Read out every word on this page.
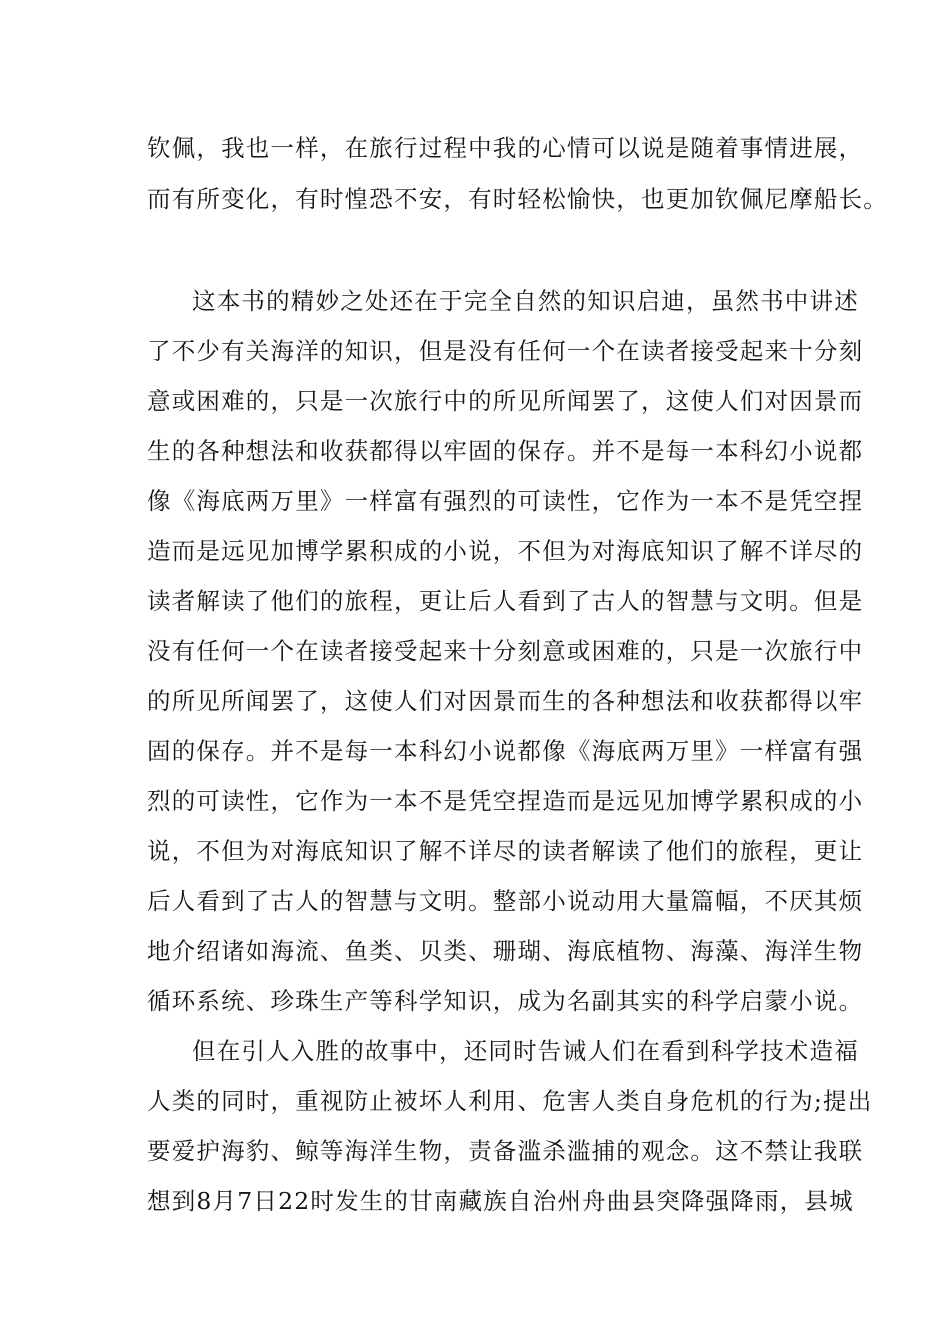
钦佩，我也一样，在旅行过程中我的心情可以说是随着事情进展，
而有所变化，有时惶恐不安，有时轻松愉快，也更加钦佩尼摩船长。
这本书的精妙之处还在于完全自然的知识启迪，虽然书中讲述
了不少有关海洋的知识，但是没有任何一个在读者接受起来十分刻
意或困难的，只是一次旅行中的所见所闻罢了，这使人们对因景而
生的各种想法和收获都得以牢固的保存。并不是每一本科幻小说都
像《海底两万里》一样富有强烈的可读性，它作为一本不是凭空捏
造而是远见加博学累积成的小说，不但为对海底知识了解不详尽的
读者解读了他们的旅程，更让后人看到了古人的智慧与文明。但是
没有任何一个在读者接受起来十分刻意或困难的，只是一次旅行中
的所见所闻罢了，这使人们对因景而生的各种想法和收获都得以牢
固的保存。并不是每一本科幻小说都像《海底两万里》一样富有强
烈的可读性，它作为一本不是凭空捏造而是远见加博学累积成的小
说，不但为对海底知识了解不详尽的读者解读了他们的旅程，更让
后人看到了古人的智慧与文明。整部小说动用大量篇幅，不厌其烦
地介绍诸如海流、鱼类、贝类、珊瑚、海底植物、海藻、海洋生物
循环系统、珍珠生产等科学知识，成为名副其实的科学启蒙小说。
但在引人入胜的故事中，还同时告诫人们在看到科学技术造福
人类的同时，重视防止被坏人利用、危害人类自身危机的行为;提出
要爱护海豹、鲸等海洋生物，责备滥杀滥捕的观念。这不禁让我联
想到8月7日22时发生的甘南藏族自治州舟曲县突降强降雨，县城
